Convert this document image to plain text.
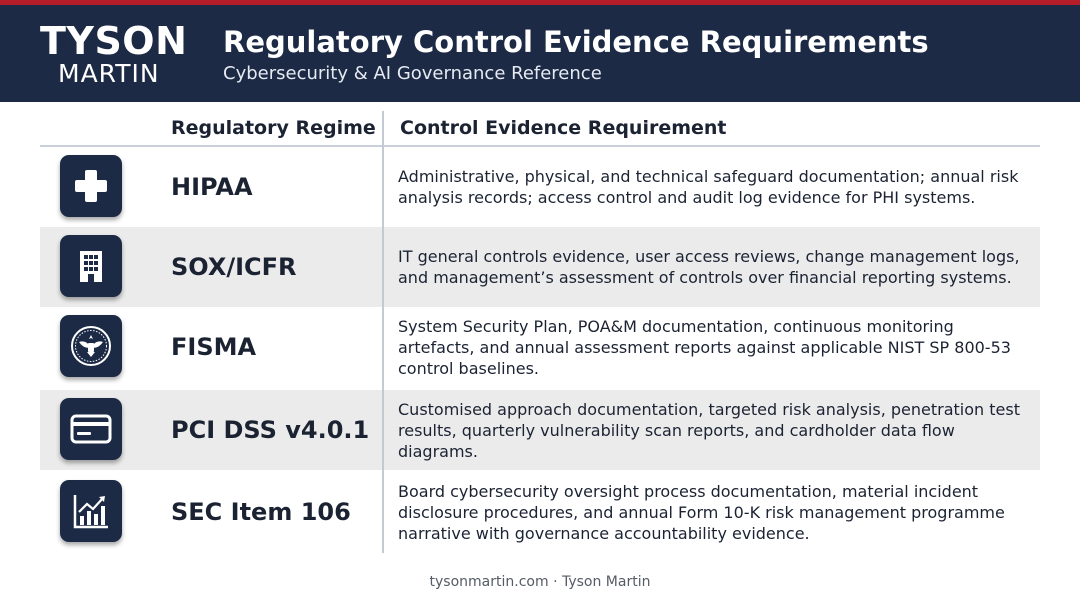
TYSON
MARTIN
Regulatory Control Evidence Requirements
Cybersecurity & AI Governance Reference
Regulatory Regime Control Evidence Requirement
HIPAA	Administrative, physical, and technical safeguard documentation; annual risk analysis records; access control and audit log evidence for PHI systems.
SOX/ICFR	IT general controls evidence, user access reviews, change management logs, and management’s assessment of controls over financial reporting systems.
FISMA
System Security Plan, POA&M documentation, continuous monitoring artefacts, and annual assessment reports against applicable NIST SP 800-53 control baselines.
PCI DSS v4.0.1
Customised approach documentation, targeted risk analysis, penetration test results, quarterly vulnerability scan reports, and cardholder data flow diagrams.
SEC Item 106
Board cybersecurity oversight process documentation, material incident disclosure procedures, and annual Form 10-K risk management programme narrative with governance accountability evidence.
tysonmartin.com · Tyson Martin
